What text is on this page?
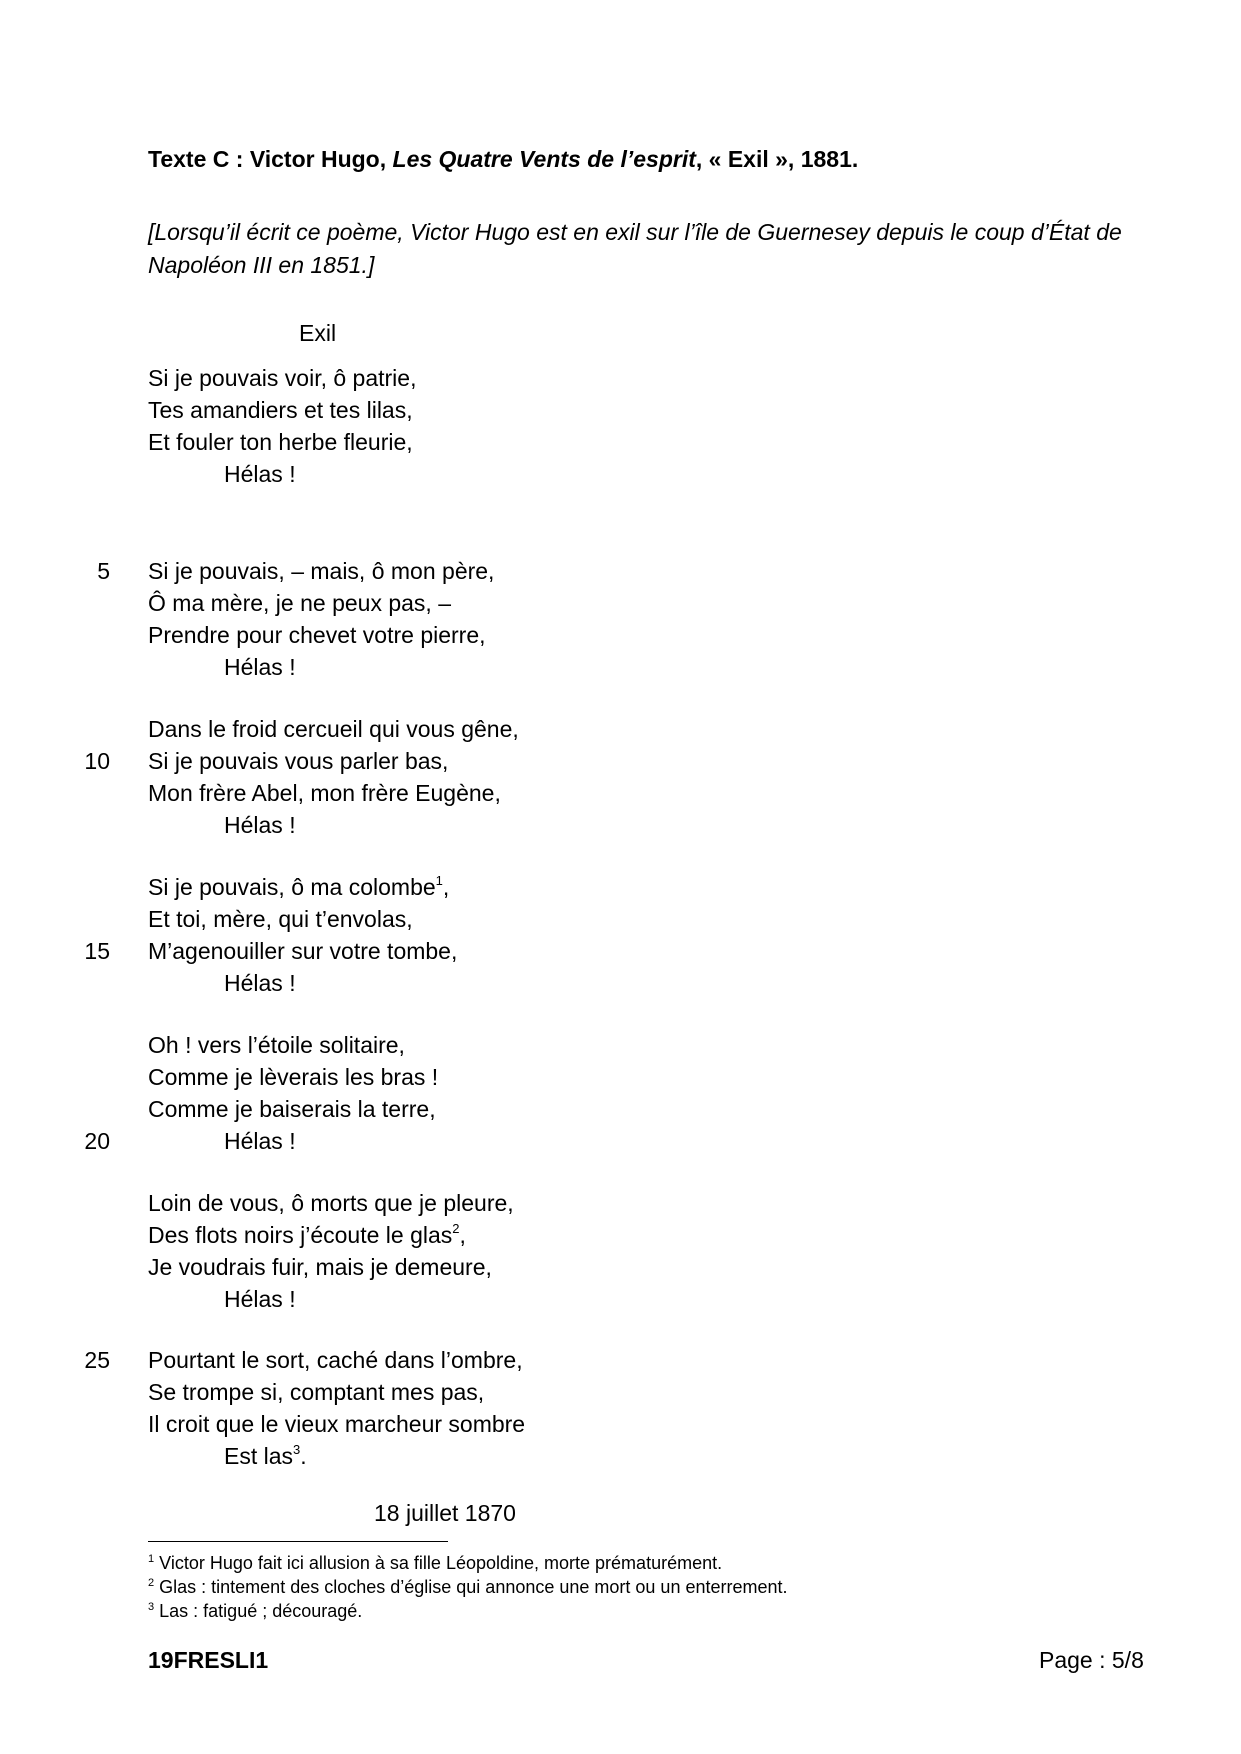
Texte C : Victor Hugo, Les Quatre Vents de l’esprit, « Exil », 1881.
[Lorsqu’il écrit ce poème, Victor Hugo est en exil sur l’île de Guernesey depuis le coup d’État de Napoléon III en 1851.]
Exil
Si je pouvais voir, ô patrie,
Tes amandiers et tes lilas,
Et fouler ton herbe fleurie,
Hélas !
5 Si je pouvais, – mais, ô mon père,
Ô ma mère, je ne peux pas, –
Prendre pour chevet votre pierre,
Hélas !
Dans le froid cercueil qui vous gêne,
10 Si je pouvais vous parler bas,
Mon frère Abel, mon frère Eugène,
Hélas !
Si je pouvais, ô ma colombe$^1$,
Et toi, mère, qui t’envolas,
15 M’agenouiller sur votre tombe,
Hélas !
Oh ! vers l’étoile solitaire,
Comme je lèverais les bras !
Comme je baiserais la terre,
20	Hélas !
Loin de vous, ô morts que je pleure,
Des flots noirs j’écoute le glas$^2$,
Je voudrais fuir, mais je demeure,
Hélas !
25 Pourtant le sort, caché dans l’ombre,
Se trompe si, comptant mes pas,
Il croit que le vieux marcheur sombre
Est las$^3$.
18 juillet 1870
$^1$ Victor Hugo fait ici allusion à sa fille Léopoldine, morte prématurément.
$^2$ Glas : tintement des cloches d’église qui annonce une mort ou un enterrement.
$^3$ Las : fatigué ; découragé.
19FRESLI1	Page : 5/8
